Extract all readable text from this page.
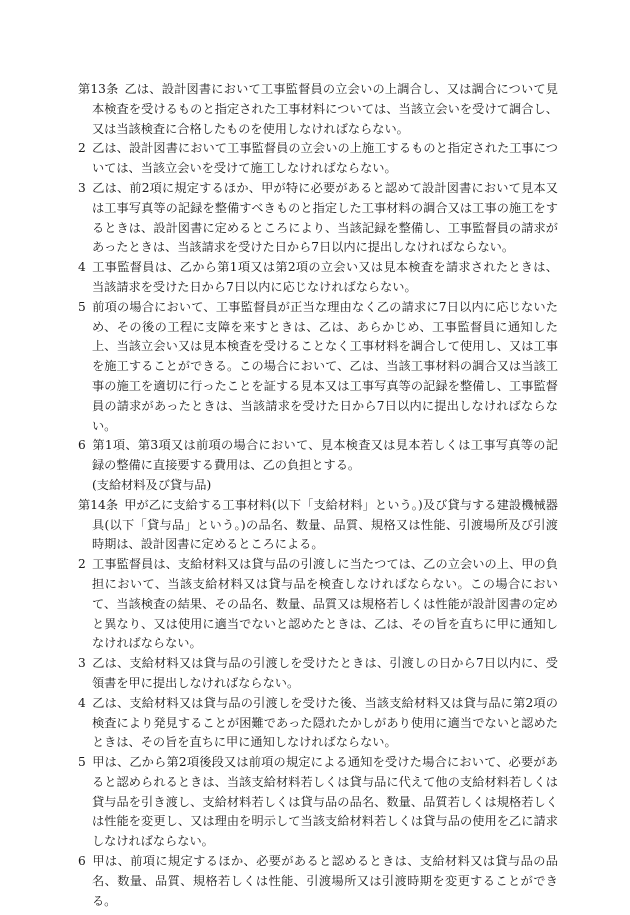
第13条 乙は、設計図書において工事監督員の立会いの上調合し、又は調合について見本検査を受けるものと指定された工事材料については、当該立会いを受けて調合し、又は当該検査に合格したものを使用しなければならない。

2 乙は、設計図書において工事監督員の立会いの上施工するものと指定された工事については、当該立会いを受けて施工しなければならない。

3 乙は、前2項に規定するほか、甲が特に必要があると認めて設計図書において見本又は工事写真等の記録を整備すべきものと指定した工事材料の調合又は工事の施工をするときは、設計図書に定めるところにより、当該記録を整備し、工事監督員の請求があったときは、当該請求を受けた日から7日以内に提出しなければならない。

4 工事監督員は、乙から第1項又は第2項の立会い又は見本検査を請求されたときは、当該請求を受けた日から7日以内に応じなければならない。

5 前項の場合において、工事監督員が正当な理由なく乙の請求に7日以内に応じないため、その後の工程に支障を来すときは、乙は、あらかじめ、工事監督員に通知した上、当該立会い又は見本検査を受けることなく工事材料を調合して使用し、又は工事を施工することができる。この場合において、乙は、当該工事材料の調合又は当該工事の施工を適切に行ったことを証する見本又は工事写真等の記録を整備し、工事監督員の請求があったときは、当該請求を受けた日から7日以内に提出しなければならない。

6 第1項、第3項又は前項の場合において、見本検査又は見本若しくは工事写真等の記録の整備に直接要する費用は、乙の負担とする。

(支給材料及び貸与品)

第14条 甲が乙に支給する工事材料(以下「支給材料」という。)及び貸与する建設機械器具(以下「貸与品」という。)の品名、数量、品質、規格又は性能、引渡場所及び引渡時期は、設計図書に定めるところによる。

2 工事監督員は、支給材料又は貸与品の引渡しに当たつては、乙の立会いの上、甲の負担において、当該支給材料又は貸与品を検査しなければならない。この場合において、当該検査の結果、その品名、数量、品質又は規格若しくは性能が設計図書の定めと異なり、又は使用に適当でないと認めたときは、乙は、その旨を直ちに甲に通知しなければならない。

3 乙は、支給材料又は貸与品の引渡しを受けたときは、引渡しの日から7日以内に、受領書を甲に提出しなければならない。

4 乙は、支給材料又は貸与品の引渡しを受けた後、当該支給材料又は貸与品に第2項の検査により発見することが困難であった隠れたかしがあり使用に適当でないと認めたときは、その旨を直ちに甲に通知しなければならない。

5 甲は、乙から第2項後段又は前項の規定による通知を受けた場合において、必要があると認められるときは、当該支給材料若しくは貸与品に代えて他の支給材料若しくは貸与品を引き渡し、支給材料若しくは貸与品の品名、数量、品質若しくは規格若しくは性能を変更し、又は理由を明示して当該支給材料若しくは貸与品の使用を乙に請求しなければならない。

6 甲は、前項に規定するほか、必要があると認めるときは、支給材料又は貸与品の品名、数量、品質、規格若しくは性能、引渡場所又は引渡時期を変更することができる。
